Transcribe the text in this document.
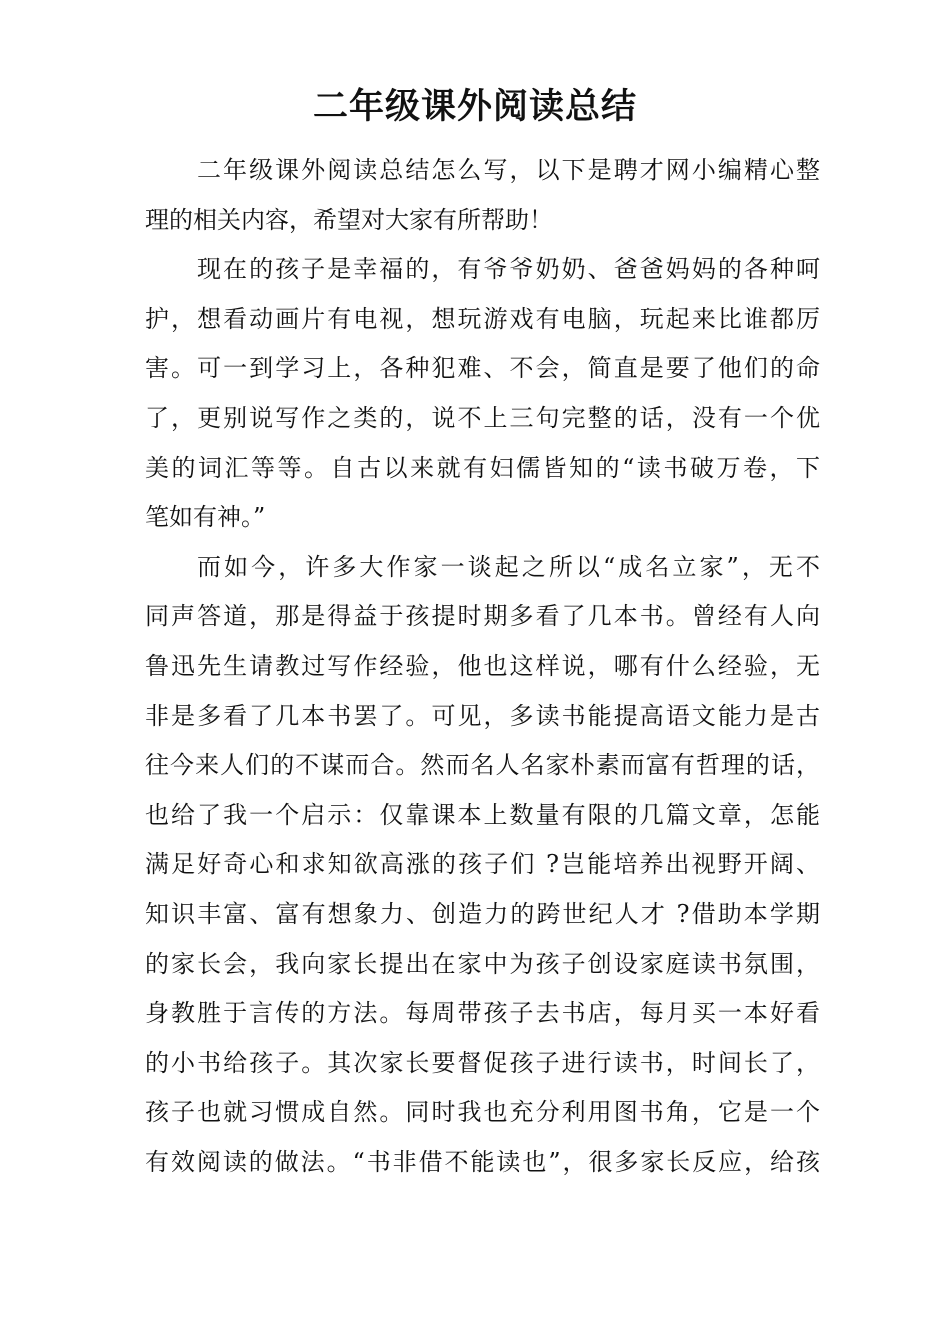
二年级课外阅读总结
二年级课外阅读总结怎么写，以下是聘才网小编精心整
理的相关内容，希望对大家有所帮助！
现在的孩子是幸福的，有爷爷奶奶、爸爸妈妈的各种呵
护，想看动画片有电视，想玩游戏有电脑，玩起来比谁都厉
害。可一到学习上，各种犯难、不会，简直是要了他们的命
了，更别说写作之类的，说不上三句完整的话，没有一个优
美的词汇等等。自古以来就有妇儒皆知的“读书破万卷，下
笔如有神。”
而如今，许多大作家一谈起之所以“成名立家”，无不
同声答道，那是得益于孩提时期多看了几本书。曾经有人向
鲁迅先生请教过写作经验，他也这样说，哪有什么经验，无
非是多看了几本书罢了。可见，多读书能提高语文能力是古
往今来人们的不谋而合。然而名人名家朴素而富有哲理的话，
也给了我一个启示：仅靠课本上数量有限的几篇文章，怎能
满足好奇心和求知欲高涨的孩子们 ?岂能培养出视野开阔、
知识丰富、富有想象力、创造力的跨世纪人才 ?借助本学期
的家长会，我向家长提出在家中为孩子创设家庭读书氛围，
身教胜于言传的方法。每周带孩子去书店，每月买一本好看
的小书给孩子。其次家长要督促孩子进行读书，时间长了，
孩子也就习惯成自然。同时我也充分利用图书角，它是一个
有效阅读的做法。“书非借不能读也”，很多家长反应，给孩
